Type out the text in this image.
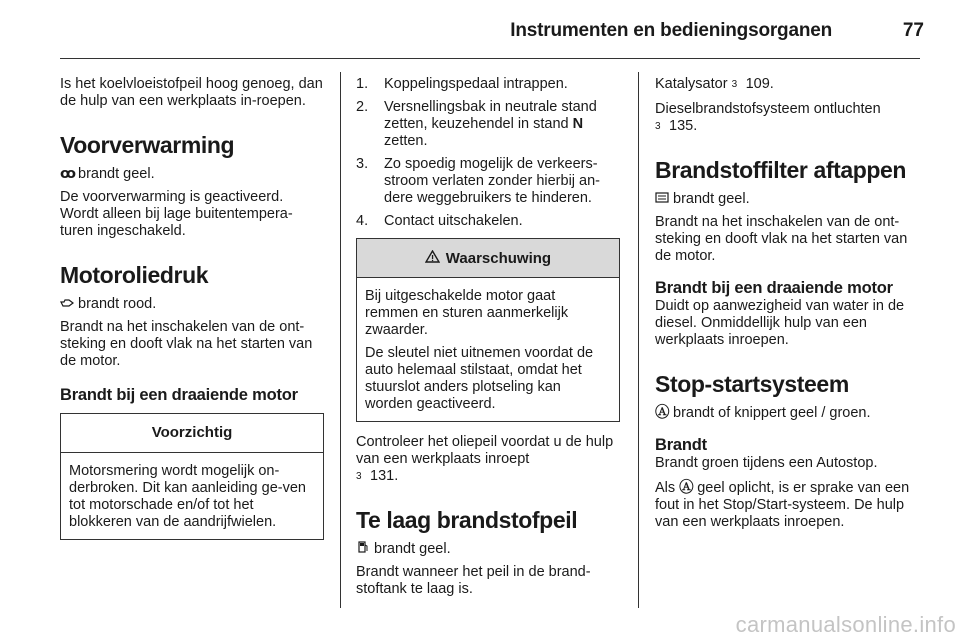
Instrumenten en bedieningsorganen	77

Is het koelvloeistofpeil hoog genoeg, dan de hulp van een werkplaats in-roepen.

Voorverwarming

ꝏ brandt geel.

De voorverwarming is geactiveerd. Wordt alleen bij lage buitentempera-turen ingeschakeld.

Motoroliedruk

brandt rood.

Brandt na het inschakelen van de ont-steking en dooft vlak na het starten van de motor.

Brandt bij een draaiende motor
Voorzichtig

Motorsmering wordt mogelijk on-derbroken. Dit kan aanleiding ge-ven tot motorschade en/of tot het blokkeren van de aandrijfwielen.

1.	Koppelingspedaal intrappen.
2.	Versnellingsbak in neutrale stand zetten, keuzehendel in stand N zetten.
3.	Zo spoedig mogelijk de verkeers-stroom verlaten zonder hierbij an-dere weggebruikers te hinderen.
4.	Contact uitschakelen.
Waarschuwing

Bij uitgeschakelde motor gaat remmen en sturen aanmerkelijk zwaarder.

De sleutel niet uitnemen voordat de auto helemaal stilstaat, omdat het stuurslot anders plotseling kan worden geactiveerd.

Controleer het oliepeil voordat u de hulp van een werkplaats inroept
3 131.

Te laag brandstofpeil

brandt geel.

Brandt wanneer het peil in de brand-stoftank te laag is.

Katalysator 3 109.

Dieselbrandstofsysteem ontluchten
3 135.

Brandstoffilter aftappen

brandt geel.

Brandt na het inschakelen van de ont-steking en dooft vlak na het starten van de motor.

Brandt bij een draaiende motor

Duidt op aanwezigheid van water in de diesel. Onmiddellijk hulp van een werkplaats inroepen.

Stop-startsysteem

Ⓐ brandt of knippert geel / groen.

Brandt

Brandt groen tijdens een Autostop.

Als Ⓐ geel oplicht, is er sprake van een fout in het Stop/Start-systeem. De hulp van een werkplaats inroepen.

carmanualsonline.info
